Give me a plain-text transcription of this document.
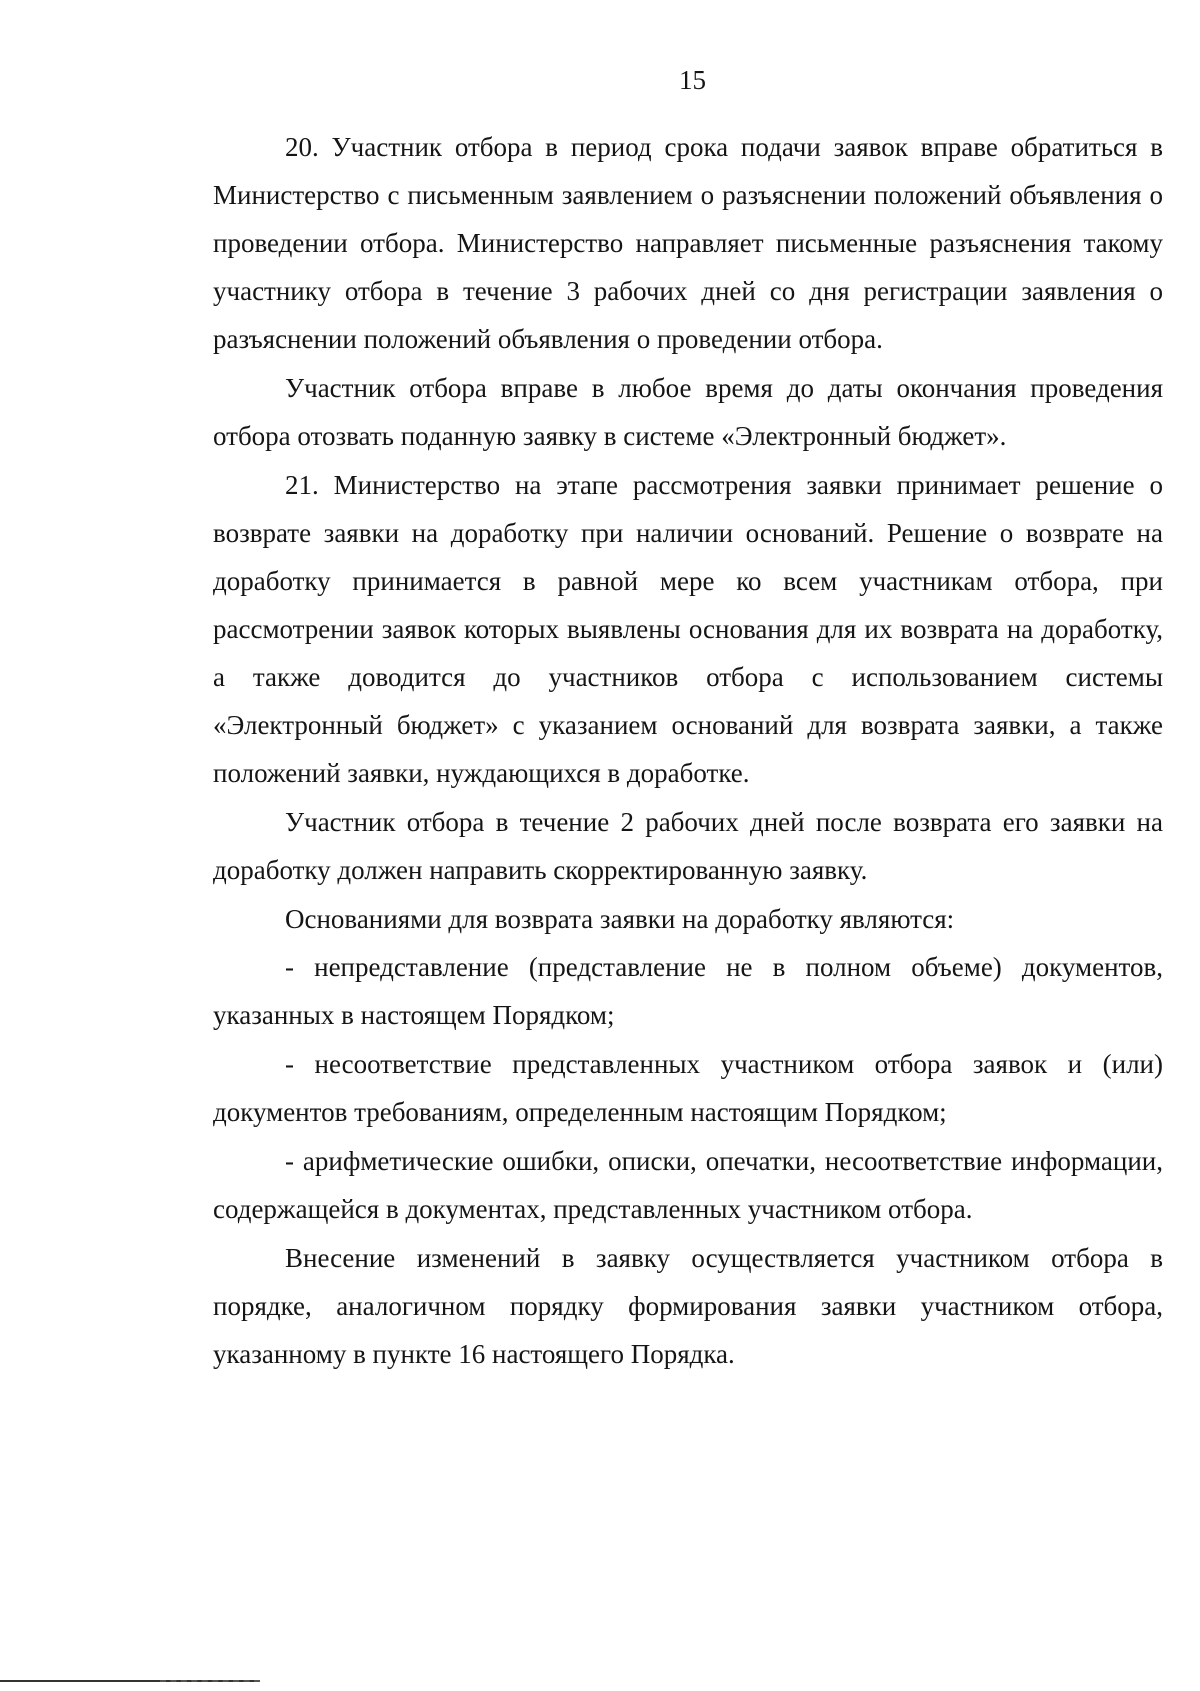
15

20. Участник отбора в период срока подачи заявок вправе обратиться в Министерство с письменным заявлением о разъяснении положений объявления о проведении отбора. Министерство направляет письменные разъяснения такому участнику отбора в течение 3 рабочих дней со дня регистрации заявления о разъяснении положений объявления о проведении отбора.

Участник отбора вправе в любое время до даты окончания проведения отбора отозвать поданную заявку в системе «Электронный бюджет».

21. Министерство на этапе рассмотрения заявки принимает решение о возврате заявки на доработку при наличии оснований. Решение о возврате на доработку принимается в равной мере ко всем участникам отбора, при рассмотрении заявок которых выявлены основания для их возврата на доработку, а также доводится до участников отбора с использованием системы «Электронный бюджет» с указанием оснований для возврата заявки, а также положений заявки, нуждающихся в доработке.

Участник отбора в течение 2 рабочих дней после возврата его заявки на доработку должен направить скорректированную заявку.

Основаниями для возврата заявки на доработку являются:

- непредставление (представление не в полном объеме) документов, указанных в настоящем Порядком;

- несоответствие представленных участником отбора заявок и (или) документов требованиям, определенным настоящим Порядком;

- арифметические ошибки, описки, опечатки, несоответствие информации, содержащейся в документах, представленных участником отбора.

Внесение изменений в заявку осуществляется участником отбора в порядке, аналогичном порядку формирования заявки участником отбора, указанному в пункте 16 настоящего Порядка.
